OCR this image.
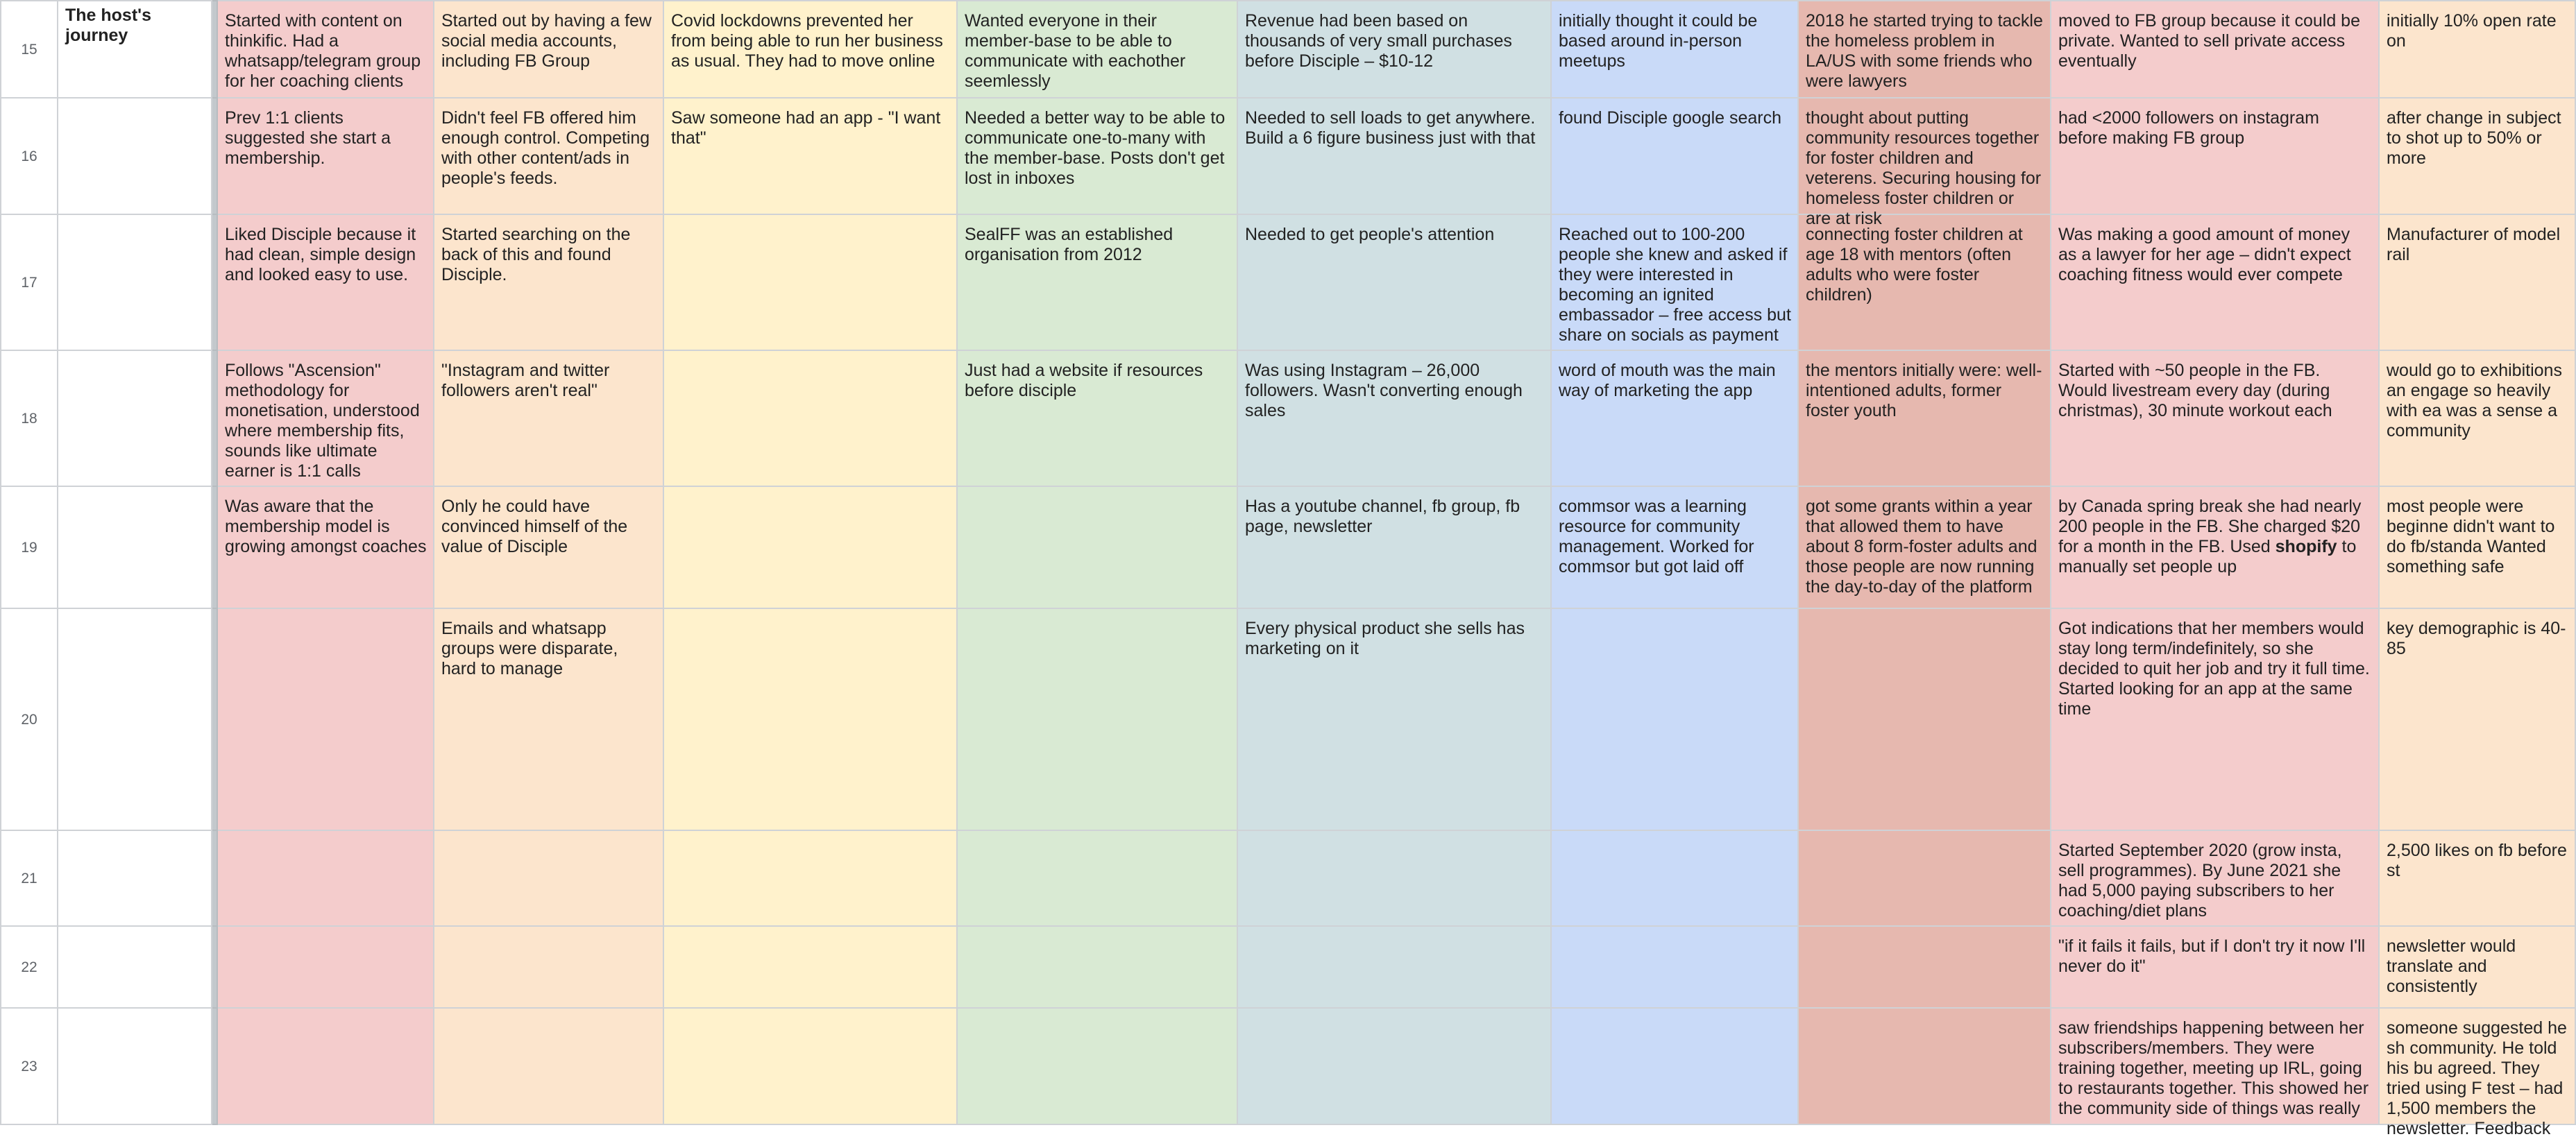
15	The host's journey		Started with content on thinkific. Had a whatsapp/telegram group for her coaching clients	Started out by having a few social media accounts, including FB Group	Covid lockdowns prevented her from being able to run her business as usual. They had to move online	Wanted everyone in their member-base to be able to communicate with eachother seemlessly	Revenue had been based on thousands of very small purchases before Disciple – $10-12	initially thought it could be based around in-person meetups	2018 he started trying to tackle the homeless problem in LA/US with some friends who were lawyers	moved to FB group because it could be private. Wanted to sell private access eventually	initially 10% open rate on

16			Prev 1:1 clients suggested she start a membership.	Didn't feel FB offered him enough control. Competing with other content/ads in people's feeds.	Saw someone had an app - "I want that"	Needed a better way to be able to communicate one-to-many with the member-base. Posts don't get lost in inboxes	Needed to sell loads to get anywhere. Build a 6 figure business just with that	found Disciple google search	thought about putting community resources together for foster children and veterens. Securing housing for homeless foster children or are at risk	had <2000 followers on instagram before making FB group	after change in subject to shot up to 50% or more

17			Liked Disciple because it had clean, simple design and looked easy to use.	Started searching on the back of this and found Disciple.		SealFF was an established organisation from 2012	Needed to get people's attention	Reached out to 100-200 people she knew and asked if they were interested in becoming an ignited embassador – free access but share on socials as payment	connecting foster children at age 18 with mentors (often adults who were foster children)	Was making a good amount of money as a lawyer for her age – didn't expect coaching fitness would ever compete	Manufacturer of model rail

18			Follows "Ascension" methodology for monetisation, understood where membership fits, sounds like ultimate earner is 1:1 calls	"Instagram and twitter followers aren't real"		Just had a website if resources before disciple	Was using Instagram – 26,000 followers. Wasn't converting enough sales	word of mouth was the main way of marketing the app	the mentors initially were: well-intentioned adults, former foster youth	Started with ~50 people in the FB. Would livestream every day (during christmas), 30 minute workout each	would go to exhibitions an engage so heavily with ea was a sense a community

19			Was aware that the membership model is growing amongst coaches	Only he could have convinced himself of the value of Disciple			Has a youtube channel, fb group, fb page, newsletter	commsor was a learning resource for community management. Worked for commsor but got laid off	got some grants within a year that allowed them to have about 8 form-foster adults and those people are now running the day-to-day of the platform	by Canada spring break she had nearly 200 people in the FB. She charged $20 for a month in the FB. Used shopify to manually set people up	most people were beginne didn't want to do fb/standa Wanted something safe

20				Emails and whatsapp groups were disparate, hard to manage			Every physical product she sells has marketing on it			Got indications that her members would stay long term/indefinitely, so she decided to quit her job and try it full time. Started looking for an app at the same time	key demographic is 40-85

21										Started September 2020 (grow insta, sell programmes). By June 2021 she had 5,000 paying subscribers to her coaching/diet plans	2,500 likes on fb before st

22										"if it fails it fails, but if I don't try it now I'll never do it"	newsletter would translate and consistently

23										saw friendships happening between her subscribers/members. They were training together, meeting up IRL, going to restaurants together. This showed her the community side of things was really	someone suggested he sh community. He told his bu agreed. They tried using F test – had 1,500 members the newsletter. Feedback
